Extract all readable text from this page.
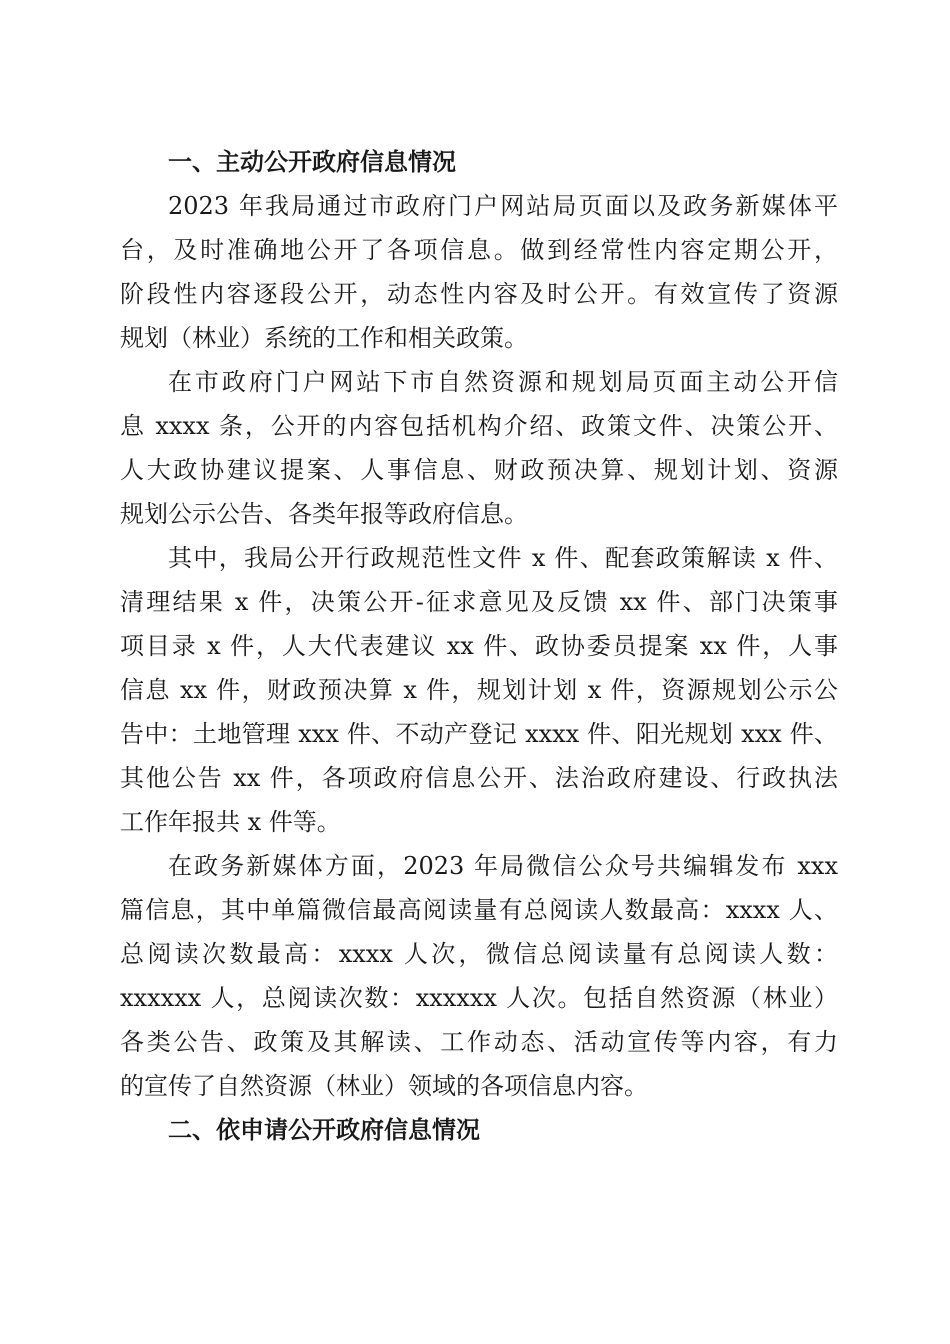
一、主动公开政府信息情况
2023 年我局通过市政府门户网站局页面以及政务新媒体平
台，及时准确地公开了各项信息。做到经常性内容定期公开，
阶段性内容逐段公开，动态性内容及时公开。有效宣传了资源
规划（林业）系统的工作和相关政策。
在市政府门户网站下市自然资源和规划局页面主动公开信
息 xxxx 条，公开的内容包括机构介绍、政策文件、决策公开、
人大政协建议提案、人事信息、财政预决算、规划计划、资源
规划公示公告、各类年报等政府信息。
其中，我局公开行政规范性文件 x 件、配套政策解读 x 件、
清理结果 x 件，决策公开-征求意见及反馈 xx 件、部门决策事
项目录 x 件，人大代表建议 xx 件、政协委员提案 xx 件，人事
信息 xx 件，财政预决算 x 件，规划计划 x 件，资源规划公示公
告中：土地管理 xxx 件、不动产登记 xxxx 件、阳光规划 xxx 件、
其他公告 xx 件，各项政府信息公开、法治政府建设、行政执法
工作年报共 x 件等。
在政务新媒体方面，2023 年局微信公众号共编辑发布 xxx
篇信息，其中单篇微信最高阅读量有总阅读人数最高：xxxx 人、
总阅读次数最高：xxxx 人次，微信总阅读量有总阅读人数：
xxxxxx 人，总阅读次数：xxxxxx 人次。包括自然资源（林业）
各类公告、政策及其解读、工作动态、活动宣传等内容，有力
的宣传了自然资源（林业）领域的各项信息内容。
二、依申请公开政府信息情况
